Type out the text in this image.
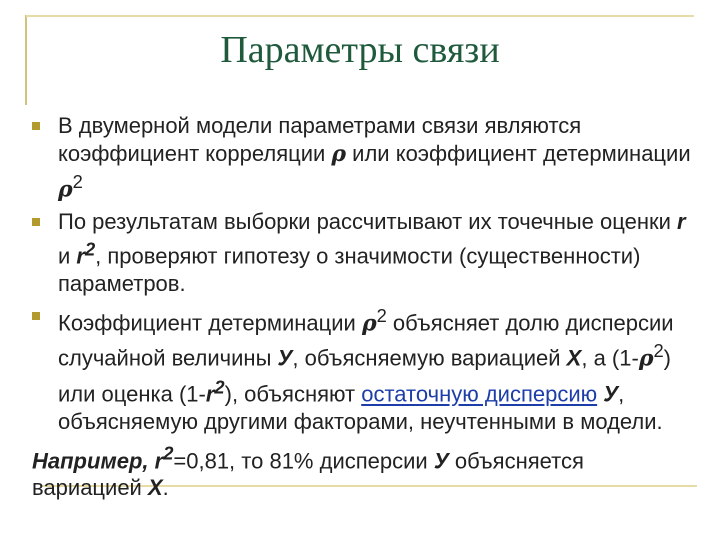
Параметры связи
В двумерной модели параметрами связи являются коэффициент корреляции ρ или коэффициент детерминации $\rho^2$
По результатам выборки рассчитывают их точечные оценки r и $r^2$, проверяют гипотезу о значимости (существенности) параметров.
Коэффициент детерминации $\rho^2$ объясняет долю дисперсии случайной величины У, объясняемую вариацией Х, а $(1-\rho^2)$ или оценка $(1-r^2)$, объясняют остаточную дисперсию У, объясняемую другими факторами, неучтенными в модели.
Например, $r^2=0,81$, то 81% дисперсии У объясняется вариацией Х.
